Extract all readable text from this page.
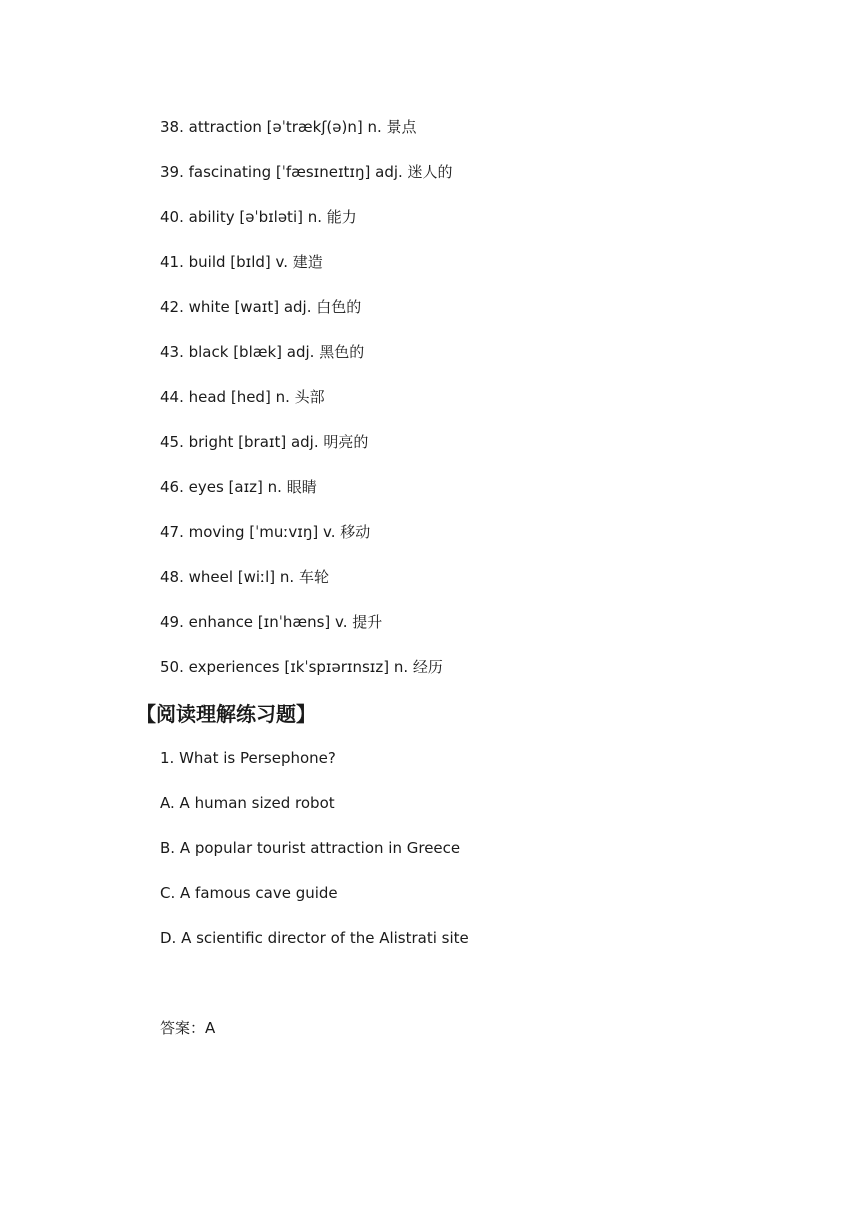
38. attraction [əˈtrækʃ(ə)n] n. 景点
39. fascinating [ˈfæsɪneɪtɪŋ] adj. 迷人的
40. ability [əˈbɪləti] n. 能力
41. build [bɪld] v. 建造
42. white [waɪt] adj. 白色的
43. black [blæk] adj. 黑色的
44. head [hed] n. 头部
45. bright [braɪt] adj. 明亮的
46. eyes [aɪz] n. 眼睛
47. moving [ˈmuːvɪŋ] v. 移动
48. wheel [wiːl] n. 车轮
49. enhance [ɪnˈhæns] v. 提升
50. experiences [ɪkˈspɪərɪnsɪz] n. 经历
【阅读理解练习题】
1. What is Persephone?
A. A human sized robot
B. A popular tourist attraction in Greece
C. A famous cave guide
D. A scientific director of the Alistrati site
答案：A
